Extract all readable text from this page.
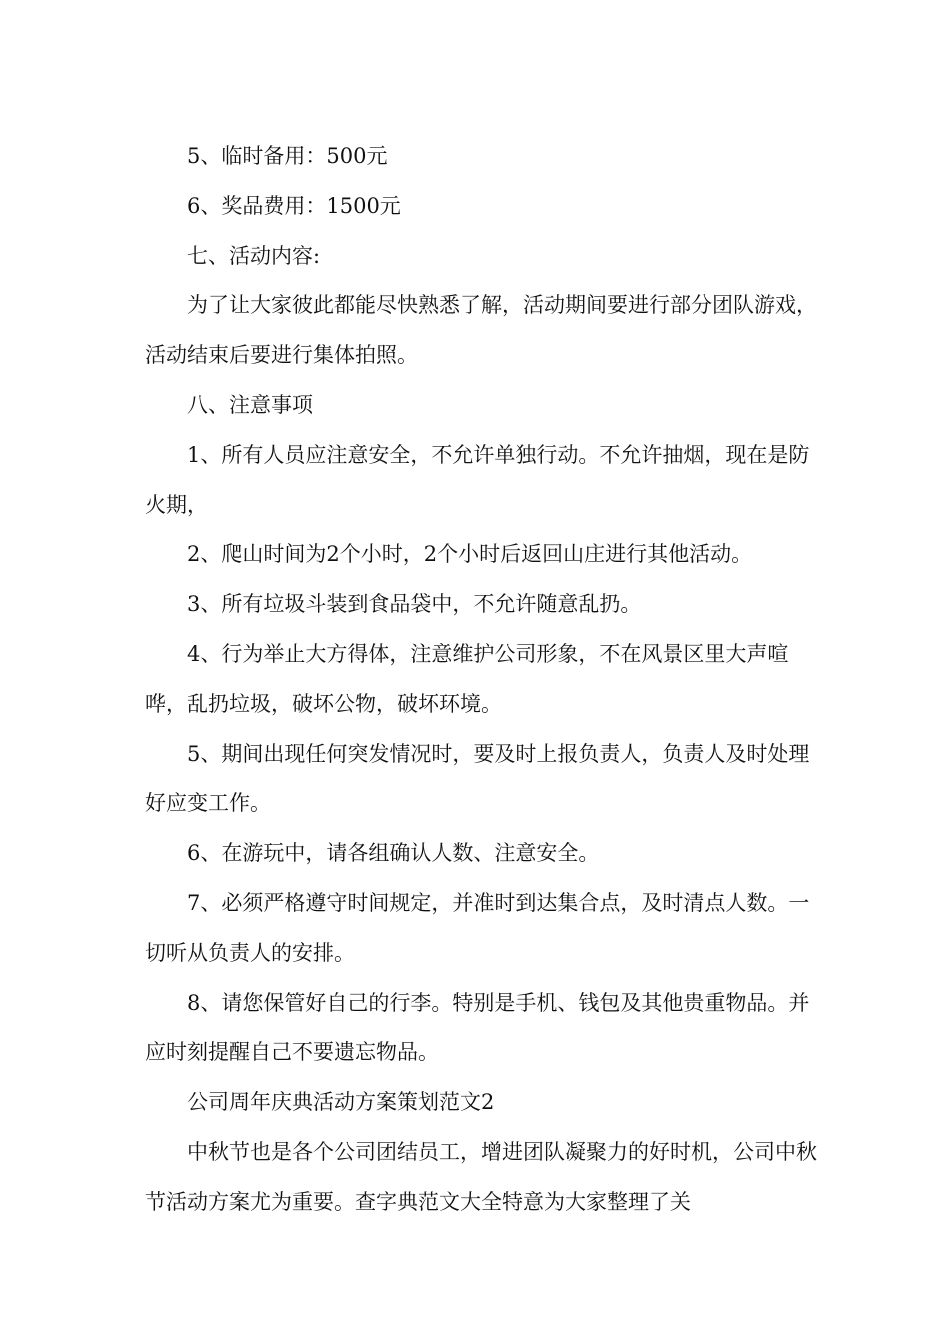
5、临时备用：500元

6、奖品费用：1500元

七、活动内容:

为了让大家彼此都能尽快熟悉了解，活动期间要进行部分团队游戏，活动结束后要进行集体拍照。

八、注意事项

1、所有人员应注意安全，不允许单独行动。不允许抽烟，现在是防火期，

2、爬山时间为2个小时，2个小时后返回山庄进行其他活动。

3、所有垃圾斗装到食品袋中，不允许随意乱扔。

4、行为举止大方得体，注意维护公司形象，不在风景区里大声喧哗，乱扔垃圾，破坏公物，破坏环境。

5、期间出现任何突发情况时，要及时上报负责人，负责人及时处理好应变工作。

6、在游玩中，请各组确认人数、注意安全。

7、必须严格遵守时间规定，并准时到达集合点，及时清点人数。一切听从负责人的安排。

8、请您保管好自己的行李。特别是手机、钱包及其他贵重物品。并应时刻提醒自己不要遗忘物品。

公司周年庆典活动方案策划范文2

中秋节也是各个公司团结员工，增进团队凝聚力的好时机，公司中秋节活动方案尤为重要。查字典范文大全特意为大家整理了关
